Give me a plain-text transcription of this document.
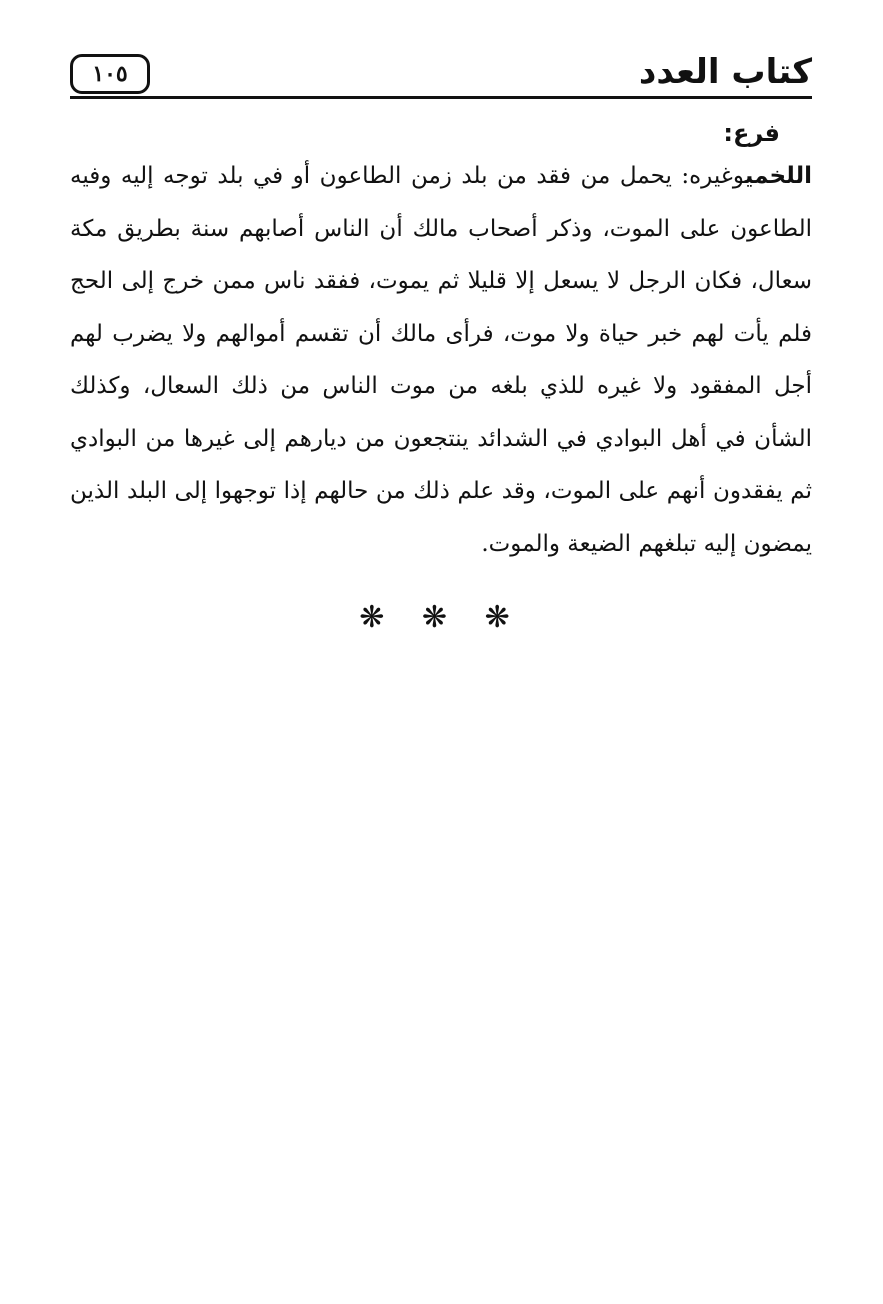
١٠٥	كتاب العدد
فرع:

اللخميوغيره: يحمل من فقد من بلد زمن الطاعون أو في بلد توجه إليه وفيه الطاعون على الموت، وذكر أصحاب مالك أن الناس أصابهم سنة بطريق مكة سعال، فكان الرجل لا يسعل إلا قليلا ثم يموت، ففقد ناس ممن خرج إلى الحج فلم يأت لهم خبر حياة ولا موت، فرأى مالك أن تقسم أموالهم ولا يضرب لهم أجل المفقود ولا غيره للذي بلغه من موت الناس من ذلك السعال، وكذلك الشأن في أهل البوادي في الشدائد ينتجعون من ديارهم إلى غيرها من البوادي ثم يفقدون أنهم على الموت، وقد علم ذلك من حالهم إذا توجهوا إلى البلد الذين يمضون إليه تبلغهم الضيعة والموت.

❋ ❋ ❋
